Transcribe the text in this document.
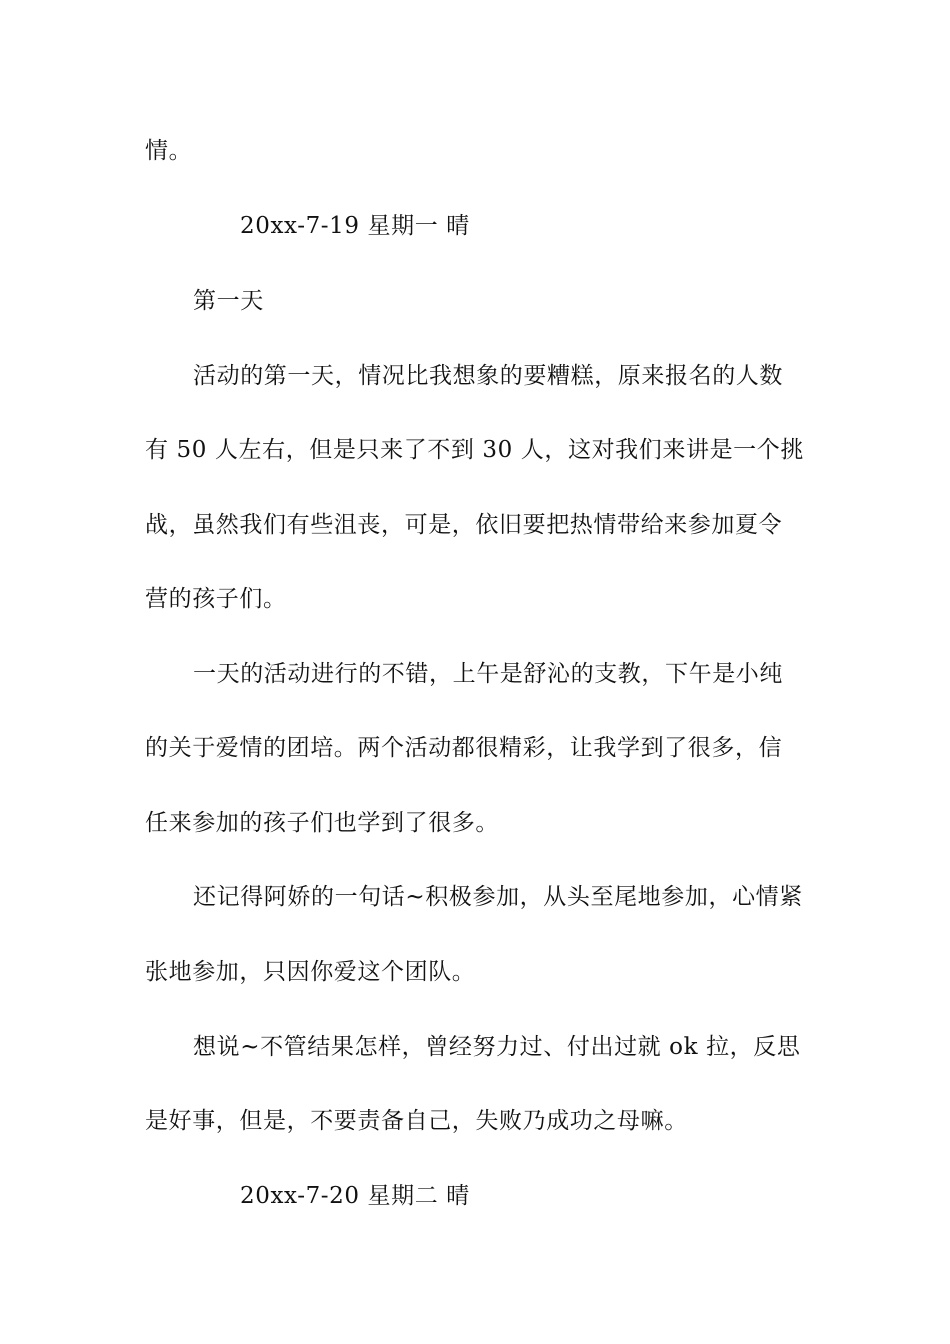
情。
20xx-7-19 星期一 晴
第一天
活动的第一天，情况比我想象的要糟糕，原来报名的人数
有 50 人左右，但是只来了不到 30 人，这对我们来讲是一个挑
战，虽然我们有些沮丧，可是，依旧要把热情带给来参加夏令
营的孩子们。
一天的活动进行的不错，上午是舒沁的支教，下午是小纯
的关于爱情的团培。两个活动都很精彩，让我学到了很多，信
任来参加的孩子们也学到了很多。
还记得阿娇的一句话~积极参加，从头至尾地参加，心情紧
张地参加，只因你爱这个团队。
想说~不管结果怎样，曾经努力过、付出过就 ok 拉，反思
是好事，但是，不要责备自己，失败乃成功之母嘛。
20xx-7-20 星期二 晴
